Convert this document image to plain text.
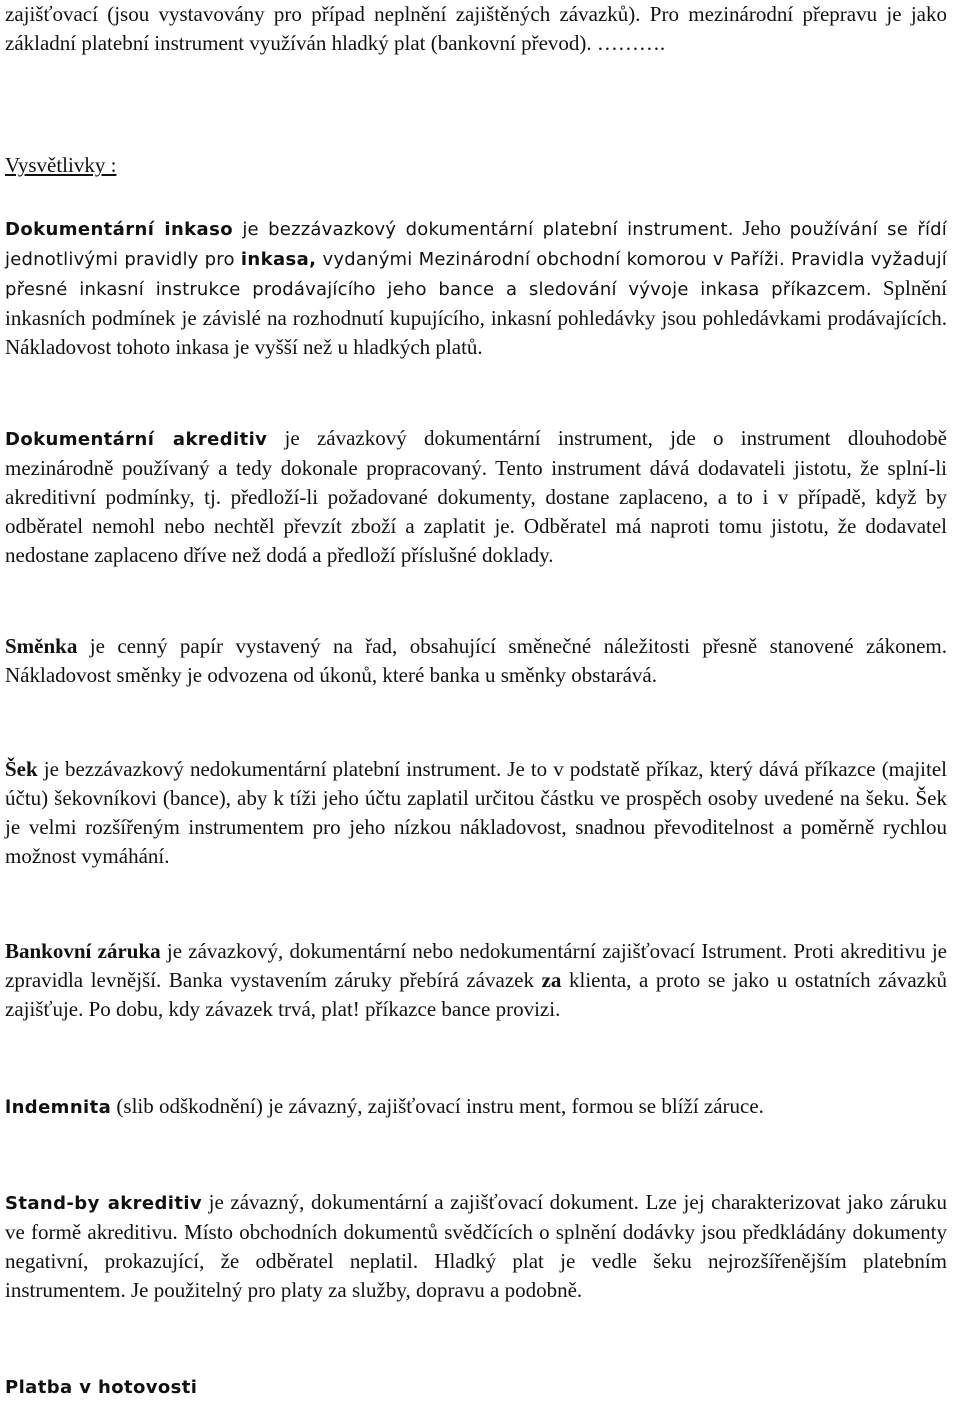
zajišťovací (jsou vystavovány pro případ neplnění zajištěných závazků). Pro mezinárodní přepravu je jako základní platební instrument využíván hladký plat (bankovní převod). ……….

Vysvětlivky :

Dokumentární inkaso je bezzávazkový dokumentární platební instrument. Jeho používání se řídí jednotlivými pravidly pro inkasa, vydanými Mezinárodní obchodní komorou v Paříži. Pravidla vyžadují přesné inkasní instrukce prodávajícího jeho bance a sledování vývoje inkasa příkazcem. Splnění inkasních podmínek je závislé na rozhodnutí kupujícího, inkasní pohledávky jsou pohledávkami prodávajících. Nákladovost tohoto inkasa je vyšší než u hladkých platů.

Dokumentární akreditiv je závazkový dokumentární instrument, jde o instrument dlouhodobě mezinárodně používaný a tedy dokonale propracovaný. Tento instrument dává dodavateli jistotu, že splní-li akreditivní podmínky, tj. předloží-li požadované dokumenty, dostane zaplaceno, a to i v případě, když by odběratel nemohl nebo nechtěl převzít zboží a zaplatit je. Odběratel má naproti tomu jistotu, že dodavatel nedostane zaplaceno dříve než dodá a předloží příslušné doklady.

Směnka je cenný papír vystavený na řad, obsahující směnečné náležitosti přesně stanovené zákonem. Nákladovost směnky je odvozena od úkonů, které banka u směnky obstarává.

Šek je bezzávazkový nedokumentární platební instrument. Je to v podstatě příkaz, který dává příkazce (majitel účtu) šekovníkovi (bance), aby k tíži jeho účtu zaplatil určitou částku ve prospěch osoby uvedené na šeku. Šek je velmi rozšířeným instrumentem pro jeho nízkou nákladovost, snadnou převoditelnost a poměrně rychlou možnost vymáhání.

Bankovní záruka je závazkový, dokumentární nebo nedokumentární zajišťovací Istrument. Proti akreditivu je zpravidla levnější. Banka vystavením záruky přebírá závazek za klienta, a proto se jako u ostatních závazků zajišťuje. Po dobu, kdy závazek trvá, plat! příkazce bance provizi.

lndemnita (slib odškodnění) je závazný, zajišťovací instru ment, formou se blíží záruce.

Stand-by akreditiv je závazný, dokumentární a zajišťovací dokument. Lze jej charakterizovat jako záruku ve formě akreditivu. Místo obchodních dokumentů svědčících o splnění dodávky jsou předkládány dokumenty negativní, prokazující, že odběratel neplatil. Hladký plat je vedle šeku nejrozšířenějším platebním instrumentem. Je použitelný pro platy za služby, dopravu a podobně.

Platba v hotovosti
